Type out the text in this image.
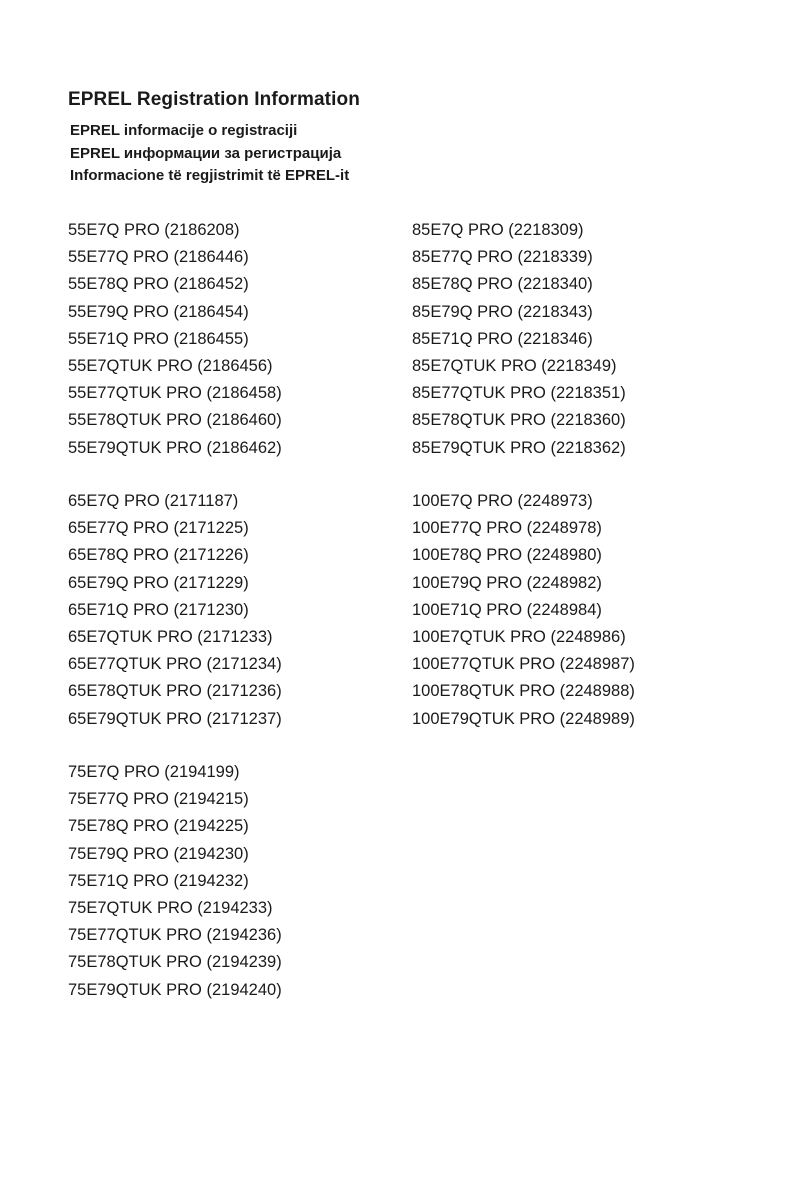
EPREL Registration Information
EPREL informacije o registraciji
EPREL информации за регистрација
Informacione të regjistrimit të EPREL-it
55E7Q PRO (2186208)
55E77Q PRO (2186446)
55E78Q PRO (2186452)
55E79Q PRO (2186454)
55E71Q PRO (2186455)
55E7QTUK PRO (2186456)
55E77QTUK PRO (2186458)
55E78QTUK PRO (2186460)
55E79QTUK PRO (2186462)
85E7Q PRO (2218309)
85E77Q PRO (2218339)
85E78Q PRO (2218340)
85E79Q PRO (2218343)
85E71Q PRO (2218346)
85E7QTUK PRO (2218349)
85E77QTUK PRO (2218351)
85E78QTUK PRO (2218360)
85E79QTUK PRO (2218362)
65E7Q PRO (2171187)
65E77Q PRO (2171225)
65E78Q PRO (2171226)
65E79Q PRO (2171229)
65E71Q PRO (2171230)
65E7QTUK PRO (2171233)
65E77QTUK PRO (2171234)
65E78QTUK PRO (2171236)
65E79QTUK PRO (2171237)
100E7Q PRO (2248973)
100E77Q PRO (2248978)
100E78Q PRO (2248980)
100E79Q PRO (2248982)
100E71Q PRO (2248984)
100E7QTUK PRO (2248986)
100E77QTUK PRO (2248987)
100E78QTUK PRO (2248988)
100E79QTUK PRO (2248989)
75E7Q PRO (2194199)
75E77Q PRO (2194215)
75E78Q PRO (2194225)
75E79Q PRO (2194230)
75E71Q PRO (2194232)
75E7QTUK PRO (2194233)
75E77QTUK PRO (2194236)
75E78QTUK PRO (2194239)
75E79QTUK PRO (2194240)
